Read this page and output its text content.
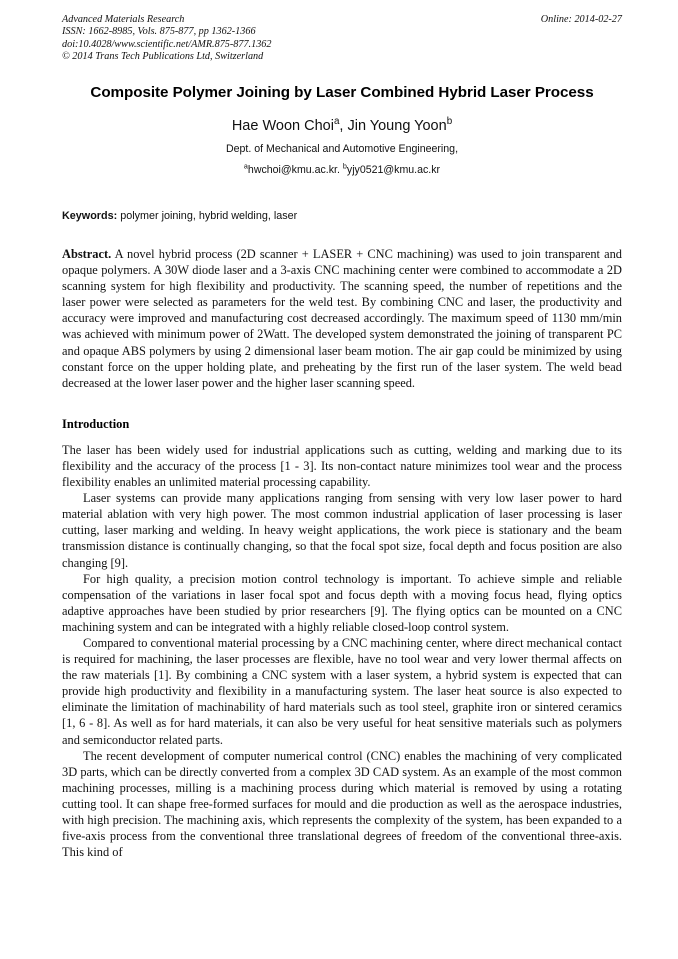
Advanced Materials Research
ISSN: 1662-8985, Vols. 875-877, pp 1362-1366
doi:10.4028/www.scientific.net/AMR.875-877.1362
© 2014 Trans Tech Publications Ltd, Switzerland
Online: 2014-02-27
Composite Polymer Joining by Laser Combined Hybrid Laser Process
Hae Woon Choi$^a$, Jin Young Yoon$^b$
Dept. of Mechanical and Automotive Engineering,
$^a$hwchoi@kmu.ac.kr. $^b$yjy0521@kmu.ac.kr
Keywords: polymer joining, hybrid welding, laser
Abstract. A novel hybrid process (2D scanner + LASER + CNC machining) was used to join transparent and opaque polymers. A 30W diode laser and a 3-axis CNC machining center were combined to accommodate a 2D scanning system for high flexibility and productivity. The scanning speed, the number of repetitions and the laser power were selected as parameters for the weld test. By combining CNC and laser, the productivity and accuracy were improved and manufacturing cost decreased accordingly. The maximum speed of 1130 mm/min was achieved with minimum power of 2Watt. The developed system demonstrated the joining of transparent PC and opaque ABS polymers by using 2 dimensional laser beam motion. The air gap could be minimized by using constant force on the upper holding plate, and preheating by the first run of the laser system. The weld bead decreased at the lower laser power and the higher laser scanning speed.
Introduction

The laser has been widely used for industrial applications such as cutting, welding and marking due to its flexibility and the accuracy of the process [1 - 3]. Its non-contact nature minimizes tool wear and the process flexibility enables an unlimited material processing capability.

Laser systems can provide many applications ranging from sensing with very low laser power to hard material ablation with very high power. The most common industrial application of laser processing is laser cutting, laser marking and welding. In heavy weight applications, the work piece is stationary and the beam transmission distance is continually changing, so that the focal spot size, focal depth and focus position are also changing [9].

For high quality, a precision motion control technology is important. To achieve simple and reliable compensation of the variations in laser focal spot and focus depth with a moving focus head, flying optics adaptive approaches have been studied by prior researchers [9]. The flying optics can be mounted on a CNC machining system and can be integrated with a highly reliable closed-loop control system.

Compared to conventional material processing by a CNC machining center, where direct mechanical contact is required for machining, the laser processes are flexible, have no tool wear and very lower thermal affects on the raw materials [1]. By combining a CNC system with a laser system, a hybrid system is expected that can provide high productivity and flexibility in a manufacturing system. The laser heat source is also expected to eliminate the limitation of machinability of hard materials such as tool steel, graphite iron or sintered ceramics [1, 6 - 8]. As well as for hard materials, it can also be very useful for heat sensitive materials such as polymers and semiconductor related parts.

The recent development of computer numerical control (CNC) enables the machining of very complicated 3D parts, which can be directly converted from a complex 3D CAD system. As an example of the most common machining processes, milling is a machining process during which material is removed by using a rotating cutting tool. It can shape free-formed surfaces for mould and die production as well as the aerospace industries, with high precision. The machining axis, which represents the complexity of the system, has been expanded to a five-axis process from the conventional three translational degrees of freedom of the conventional three-axis. This kind of
